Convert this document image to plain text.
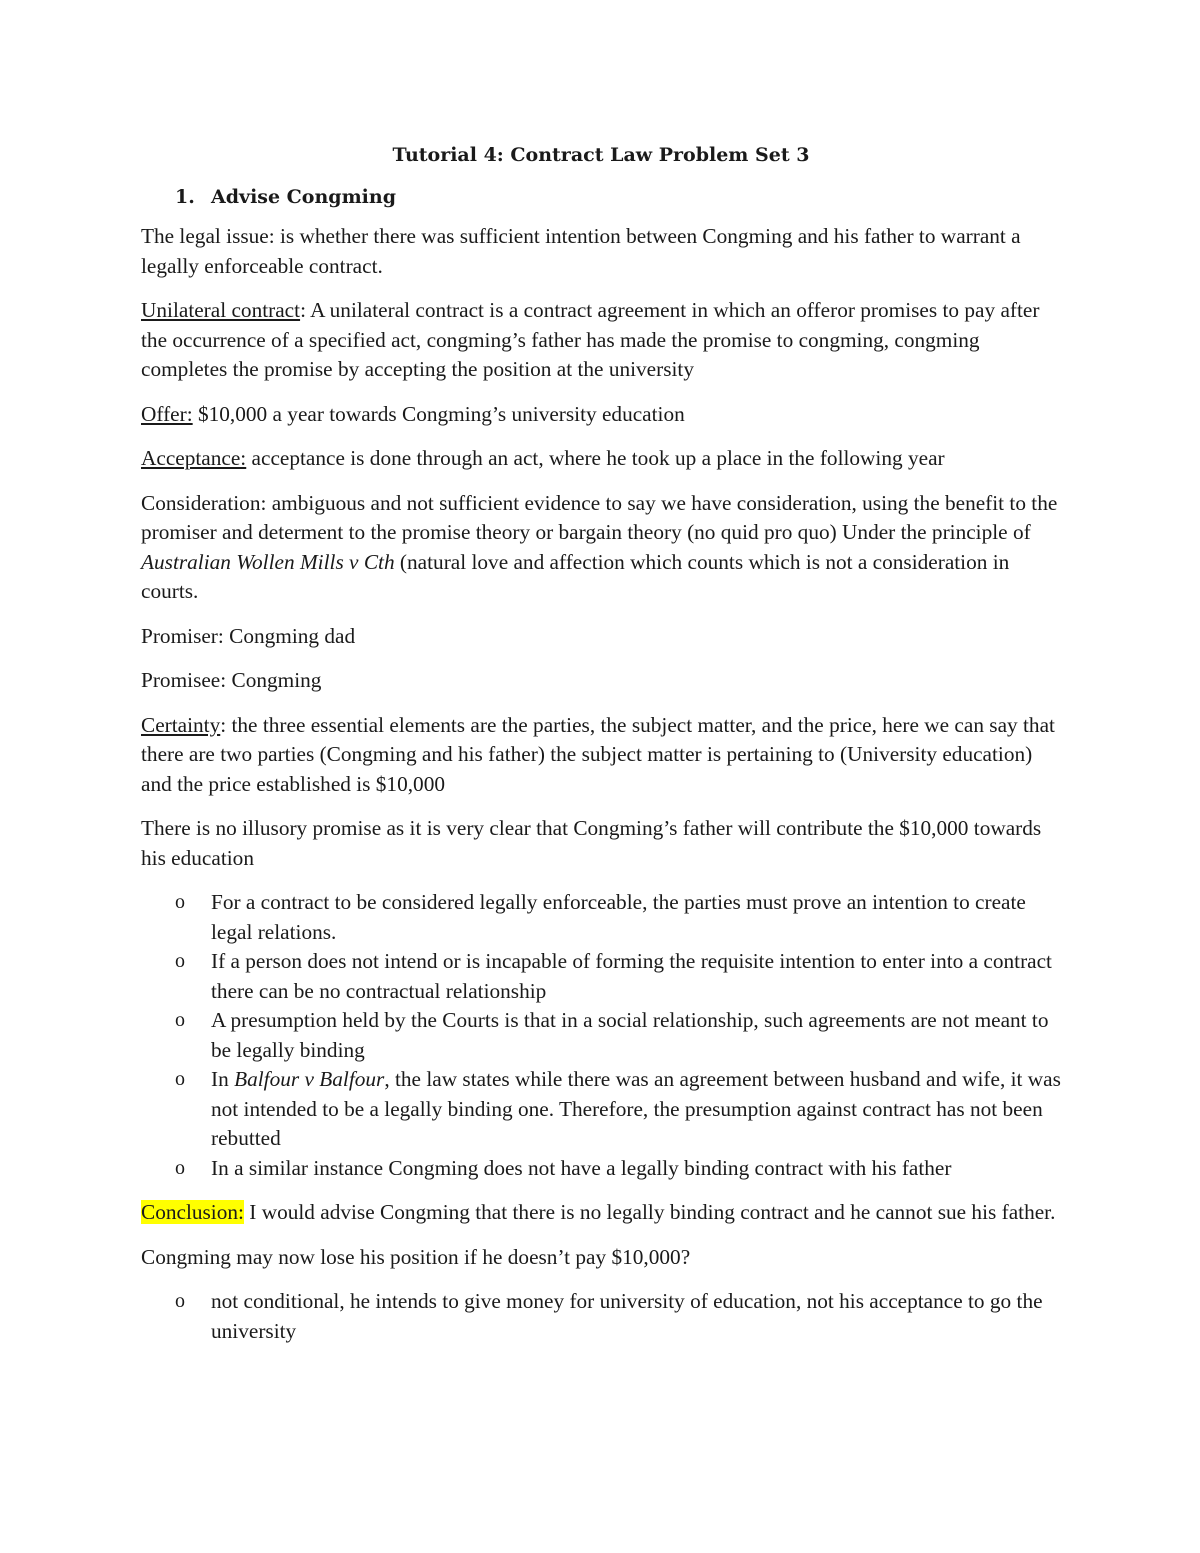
Tutorial 4: Contract Law Problem Set 3
1. Advise Congming

The legal issue: is whether there was sufficient intention between Congming and his father to warrant a legally enforceable contract.

Unilateral contract: A unilateral contract is a contract agreement in which an offeror promises to pay after the occurrence of a specified act, congming’s father has made the promise to congming, congming completes the promise by accepting the position at the university

Offer: $10,000 a year towards Congming’s university education

Acceptance: acceptance is done through an act, where he took up a place in the following year

Consideration: ambiguous and not sufficient evidence to say we have consideration, using the benefit to the promiser and determent to the promise theory or bargain theory (no quid pro quo) Under the principle of Australian Wollen Mills v Cth (natural love and affection which counts which is not a consideration in courts.

Promiser: Congming dad

Promisee: Congming

Certainty: the three essential elements are the parties, the subject matter, and the price, here we can say that there are two parties (Congming and his father) the subject matter is pertaining to (University education) and the price established is $10,000

There is no illusory promise as it is very clear that Congming’s father will contribute the $10,000 towards his education

o For a contract to be considered legally enforceable, the parties must prove an intention to create legal relations.
o If a person does not intend or is incapable of forming the requisite intention to enter into a contract there can be no contractual relationship
o A presumption held by the Courts is that in a social relationship, such agreements are not meant to be legally binding
o In Balfour v Balfour, the law states while there was an agreement between husband and wife, it was not intended to be a legally binding one. Therefore, the presumption against contract has not been rebutted
o In a similar instance Congming does not have a legally binding contract with his father

Conclusion: I would advise Congming that there is no legally binding contract and he cannot sue his father.

Congming may now lose his position if he doesn’t pay $10,000?

o not conditional, he intends to give money for university of education, not his acceptance to go the university
